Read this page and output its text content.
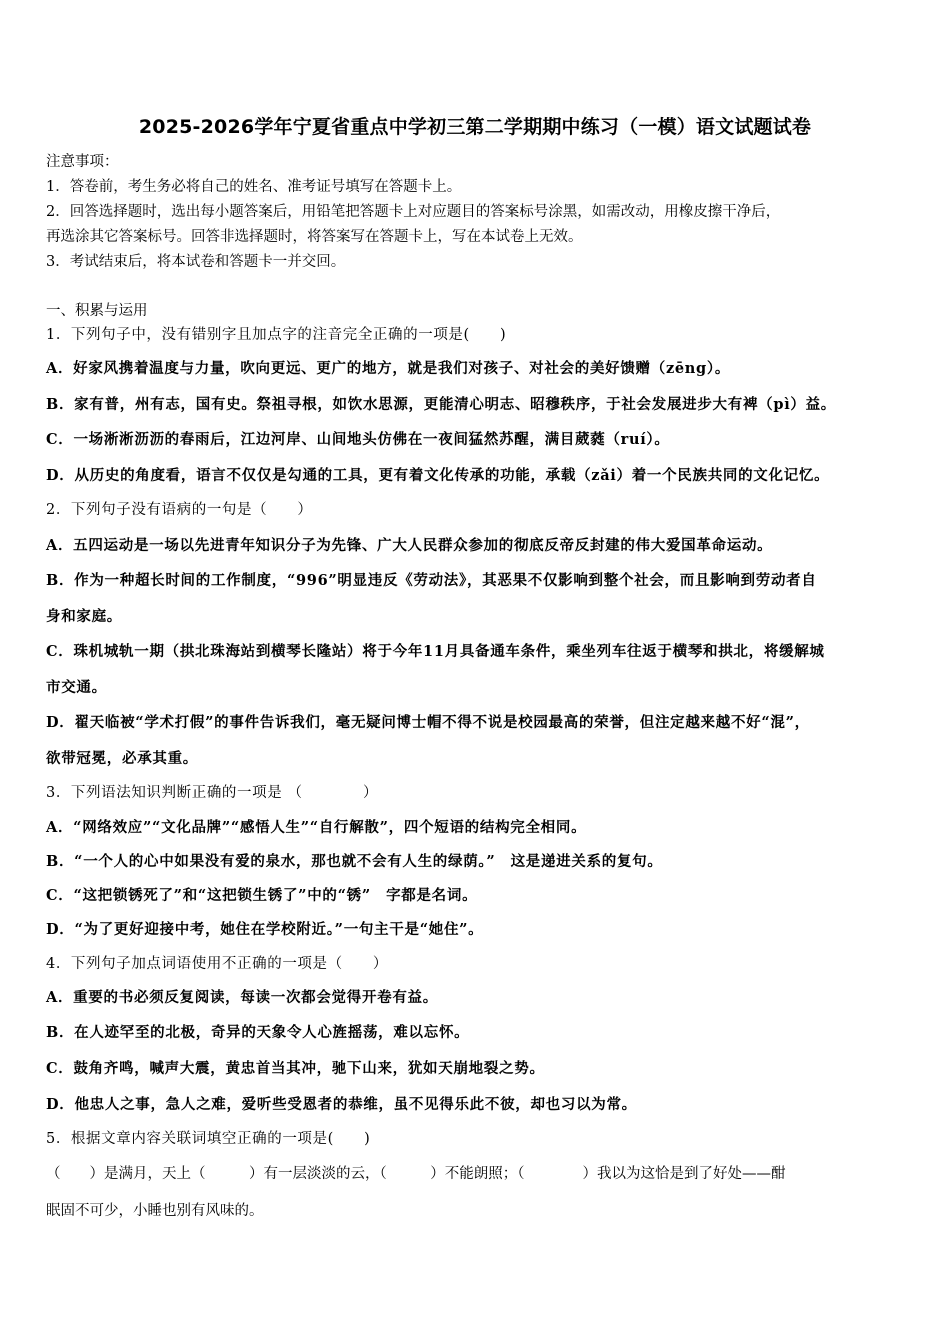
2025-2026学年宁夏省重点中学初三第二学期期中练习（一模）语文试题试卷
注意事项：
1．答卷前，考生务必将自己的姓名、准考证号填写在答题卡上。
2．回答选择题时，选出每小题答案后，用铅笔把答题卡上对应题目的答案标号涂黑，如需改动，用橡皮擦干净后，
再选涂其它答案标号。回答非选择题时，将答案写在答题卡上，写在本试卷上无效。
3．考试结束后，将本试卷和答题卡一并交回。
一、积累与运用
1．下列句子中，没有错别字且加点字的注音完全正确的一项是(　　)
A．好家风携着温度与力量，吹向更远、更广的地方，就是我们对孩子、对社会的美好馈赠（zēng）。
B．家有普，州有志，国有史。祭祖寻根，如饮水思源，更能清心明志、昭穆秩序，于社会发展进步大有裨（pì）益。
C．一场淅淅沥沥的春雨后，江边河岸、山间地头仿佛在一夜间猛然苏醒，满目葳蕤（ruí）。
D．从历史的角度看，语言不仅仅是勾通的工具，更有着文化传承的功能，承载（zǎi）着一个民族共同的文化记忆。
2．下列句子没有语病的一句是（　　）
A．五四运动是一场以先进青年知识分子为先锋、广大人民群众参加的彻底反帝反封建的伟大爱国革命运动。
B．作为一种超长时间的工作制度，“996”明显违反《劳动法》，其恶果不仅影响到整个社会，而且影响到劳动者自
身和家庭。
C．珠机城轨一期（拱北珠海站到横琴长隆站）将于今年11月具备通车条件，乘坐列车往返于横琴和拱北，将缓解城
市交通。
D．翟天临被“学术打假”的事件告诉我们，毫无疑问博士帽不得不说是校园最高的荣誉，但注定越来越不好“混”，
欲带冠冕，必承其重。
3．下列语法知识判断正确的一项是 （　　　　）
A．“网络效应”“文化品牌”“感悟人生”“自行解散”，四个短语的结构完全相同。
B．“一个人的心中如果没有爱的泉水，那也就不会有人生的绿荫。”　这是递进关系的复句。
C．“这把锁锈死了”和“这把锁生锈了”中的“锈”　字都是名词。
D．“为了更好迎接中考，她住在学校附近。”一句主干是“她住”。
4．下列句子加点词语使用不正确的一项是（　　）
A．重要的书必须反复阅读，每读一次都会觉得开卷有益。
B．在人迹罕至的北极，奇异的天象令人心旌摇荡，难以忘怀。
C．鼓角齐鸣，喊声大震，黄忠首当其冲，驰下山来，犹如天崩地裂之势。
D．他忠人之事，急人之难，爱听些受恩者的恭维，虽不见得乐此不彼，却也习以为常。
5．根据文章内容关联词填空正确的一项是(　　)
（　　）是满月，天上（　　　）有一层淡淡的云，（　　　）不能朗照；（　　　　）我以为这恰是到了好处——酣
眠固不可少，小睡也别有风味的。
